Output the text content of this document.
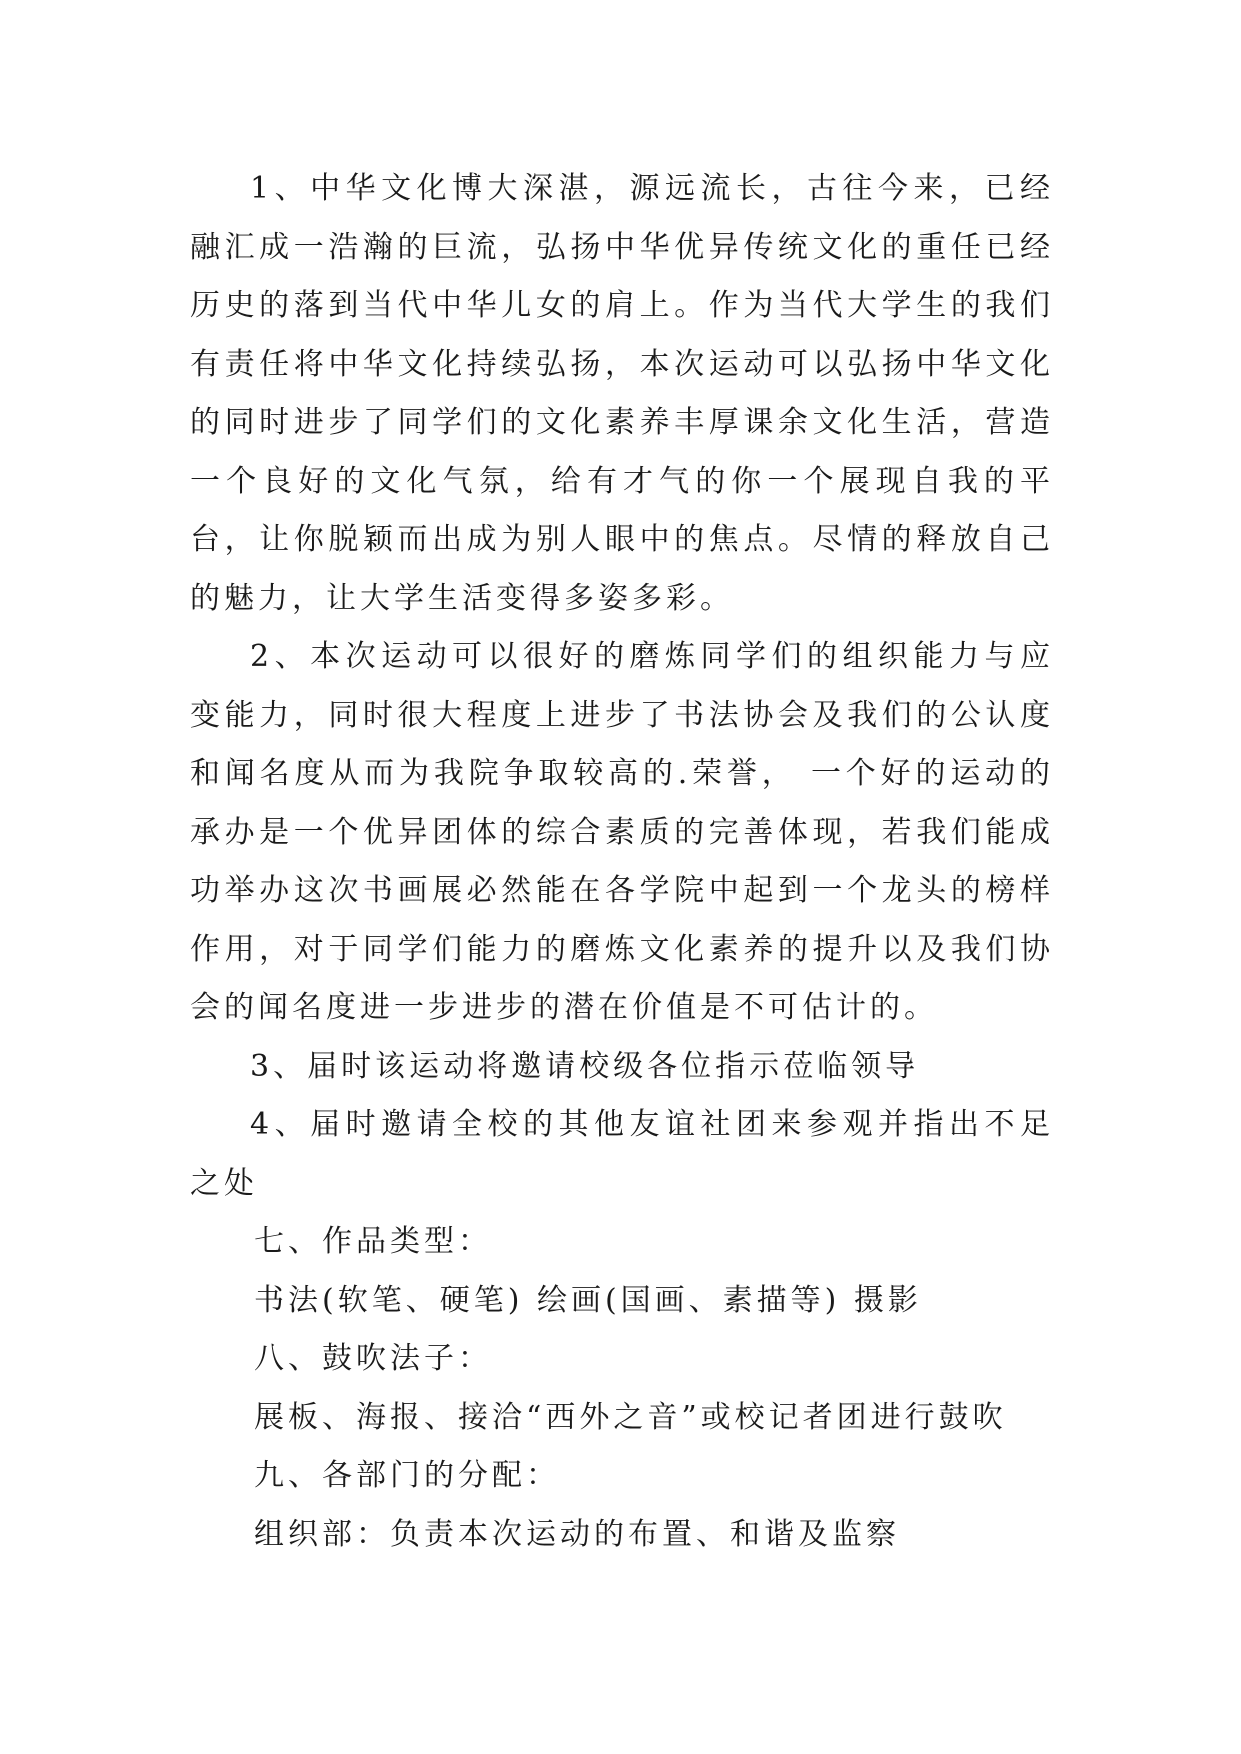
1、中华文化博大深湛，源远流长，古往今来，已经融汇成一浩瀚的巨流，弘扬中华优异传统文化的重任已经历史的落到当代中华儿女的肩上。作为当代大学生的我们有责任将中华文化持续弘扬，本次运动可以弘扬中华文化的同时进步了同学们的文化素养丰厚课余文化生活，营造一个良好的文化气氛，给有才气的你一个展现自我的平台，让你脱颖而出成为别人眼中的焦点。尽情的释放自己的魅力，让大学生活变得多姿多彩。

2、本次运动可以很好的磨炼同学们的组织能力与应变能力，同时很大程度上进步了书法协会及我们的公认度和闻名度从而为我院争取较高的.荣誉， 一个好的运动的承办是一个优异团体的综合素质的完善体现，若我们能成功举办这次书画展必然能在各学院中起到一个龙头的榜样作用，对于同学们能力的磨炼文化素养的提升以及我们协会的闻名度进一步进步的潜在价值是不可估计的。

3、届时该运动将邀请校级各位指示莅临领导

4、届时邀请全校的其他友谊社团来参观并指出不足之处

七、作品类型：

书法(软笔、硬笔) 绘画(国画、素描等) 摄影

八、鼓吹法子：

展板、海报、接洽“西外之音”或校记者团进行鼓吹

九、各部门的分配：

组织部：负责本次运动的布置、和谐及监察
